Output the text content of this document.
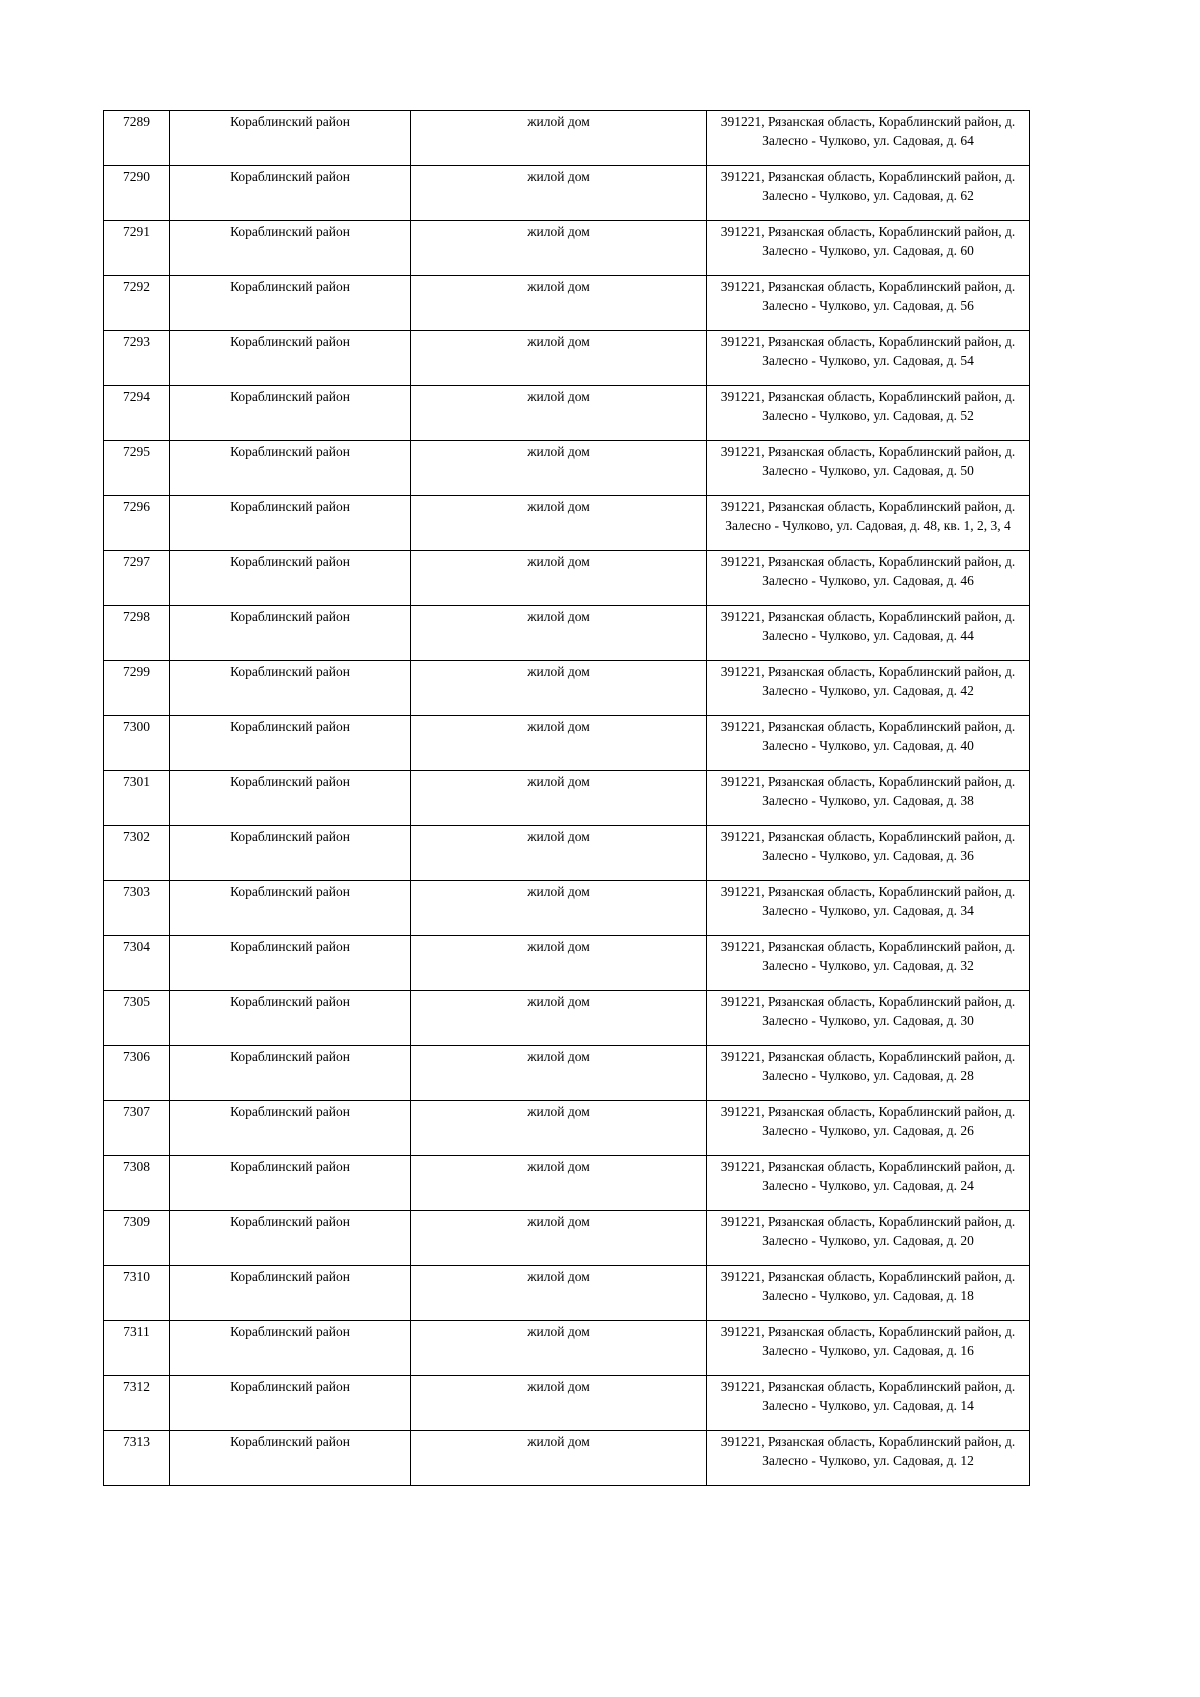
7289	Кораблинский район	жилой дом	391221, Рязанская область, Кораблинский район, д. Залесно - Чулково, ул. Садовая, д. 64
7290	Кораблинский район	жилой дом	391221, Рязанская область, Кораблинский район, д. Залесно - Чулково, ул. Садовая, д. 62
7291	Кораблинский район	жилой дом	391221, Рязанская область, Кораблинский район, д. Залесно - Чулково, ул. Садовая, д. 60
7292	Кораблинский район	жилой дом	391221, Рязанская область, Кораблинский район, д. Залесно - Чулково, ул. Садовая, д. 56
7293	Кораблинский район	жилой дом	391221, Рязанская область, Кораблинский район, д. Залесно - Чулково, ул. Садовая, д. 54
7294	Кораблинский район	жилой дом	391221, Рязанская область, Кораблинский район, д. Залесно - Чулково, ул. Садовая, д. 52
7295	Кораблинский район	жилой дом	391221, Рязанская область, Кораблинский район, д. Залесно - Чулково, ул. Садовая, д. 50
7296	Кораблинский район	жилой дом	391221, Рязанская область, Кораблинский район, д. Залесно - Чулково, ул. Садовая, д. 48, кв. 1, 2, 3, 4
7297	Кораблинский район	жилой дом	391221, Рязанская область, Кораблинский район, д. Залесно - Чулково, ул. Садовая, д. 46
7298	Кораблинский район	жилой дом	391221, Рязанская область, Кораблинский район, д. Залесно - Чулково, ул. Садовая, д. 44
7299	Кораблинский район	жилой дом	391221, Рязанская область, Кораблинский район, д. Залесно - Чулково, ул. Садовая, д. 42
7300	Кораблинский район	жилой дом	391221, Рязанская область, Кораблинский район, д. Залесно - Чулково, ул. Садовая, д. 40
7301	Кораблинский район	жилой дом	391221, Рязанская область, Кораблинский район, д. Залесно - Чулково, ул. Садовая, д. 38
7302	Кораблинский район	жилой дом	391221, Рязанская область, Кораблинский район, д. Залесно - Чулково, ул. Садовая, д. 36
7303	Кораблинский район	жилой дом	391221, Рязанская область, Кораблинский район, д. Залесно - Чулково, ул. Садовая, д. 34
7304	Кораблинский район	жилой дом	391221, Рязанская область, Кораблинский район, д. Залесно - Чулково, ул. Садовая, д. 32
7305	Кораблинский район	жилой дом	391221, Рязанская область, Кораблинский район, д. Залесно - Чулково, ул. Садовая, д. 30
7306	Кораблинский район	жилой дом	391221, Рязанская область, Кораблинский район, д. Залесно - Чулково, ул. Садовая, д. 28
7307	Кораблинский район	жилой дом	391221, Рязанская область, Кораблинский район, д. Залесно - Чулково, ул. Садовая, д. 26
7308	Кораблинский район	жилой дом	391221, Рязанская область, Кораблинский район, д. Залесно - Чулково, ул. Садовая, д. 24
7309	Кораблинский район	жилой дом	391221, Рязанская область, Кораблинский район, д. Залесно - Чулково, ул. Садовая, д. 20
7310	Кораблинский район	жилой дом	391221, Рязанская область, Кораблинский район, д. Залесно - Чулково, ул. Садовая, д. 18
7311	Кораблинский район	жилой дом	391221, Рязанская область, Кораблинский район, д. Залесно - Чулково, ул. Садовая, д. 16
7312	Кораблинский район	жилой дом	391221, Рязанская область, Кораблинский район, д. Залесно - Чулково, ул. Садовая, д. 14
7313	Кораблинский район	жилой дом	391221, Рязанская область, Кораблинский район, д. Залесно - Чулково, ул. Садовая, д. 12
